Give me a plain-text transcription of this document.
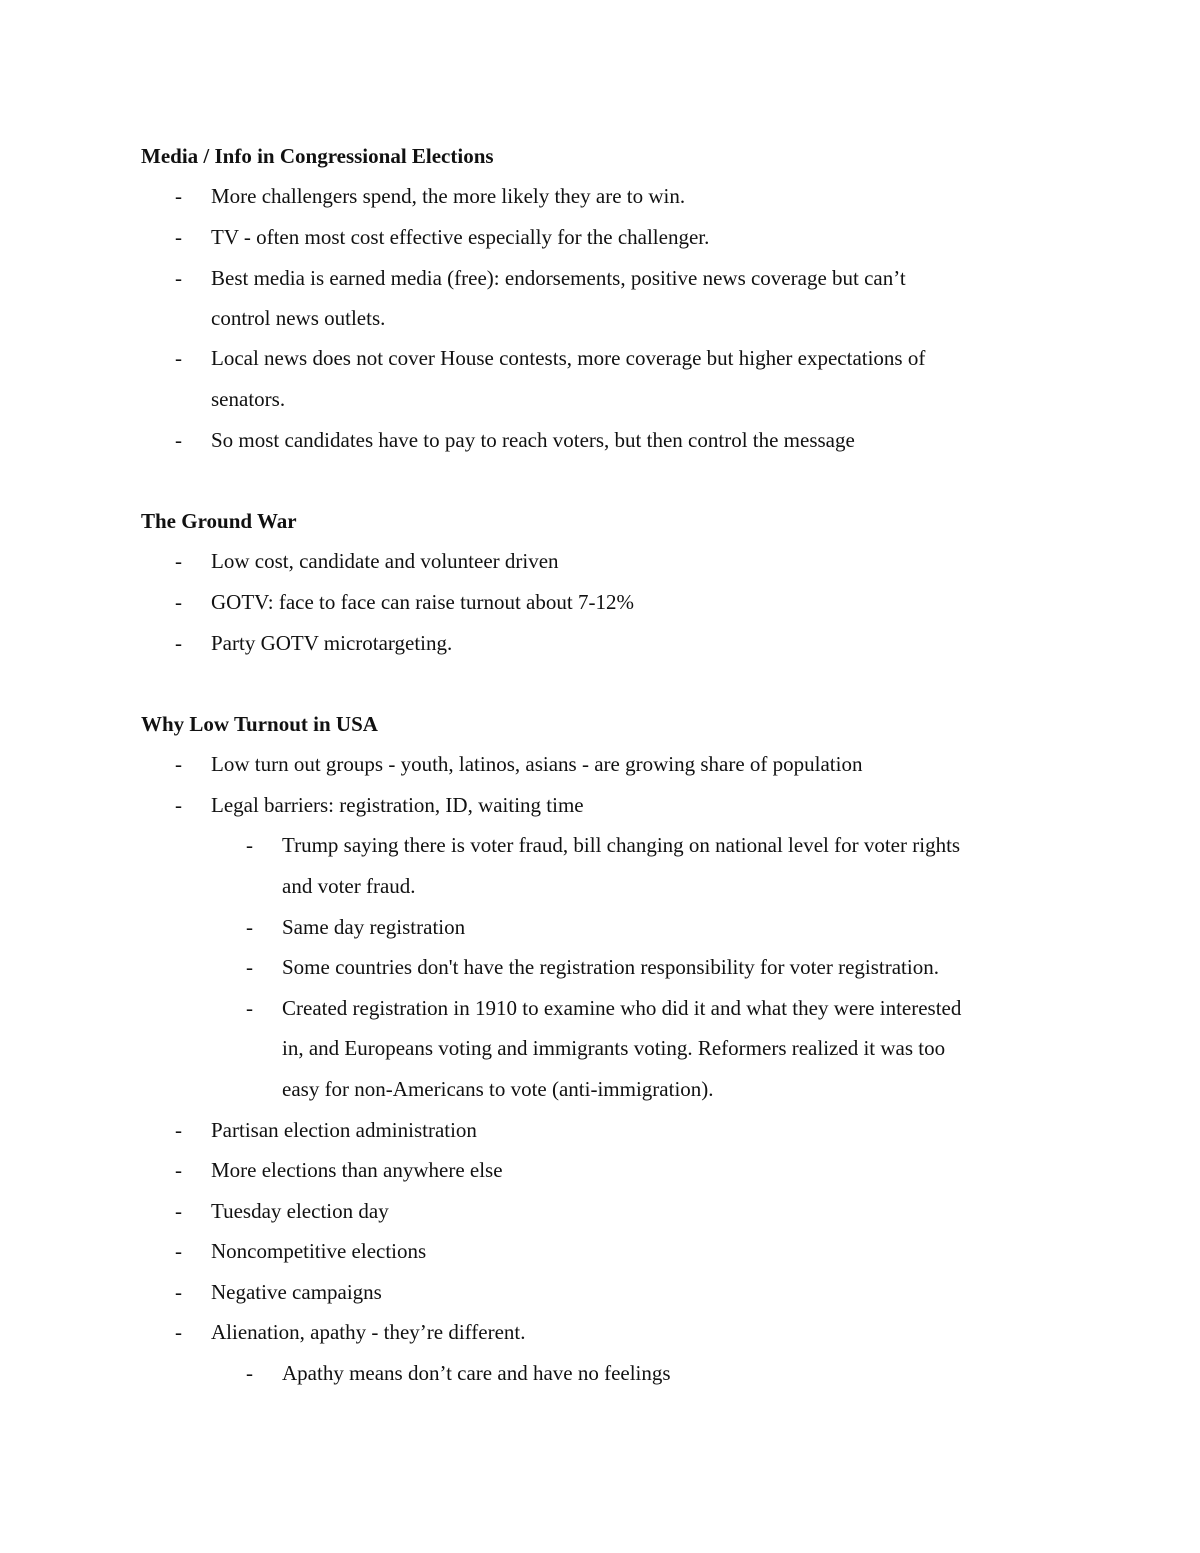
Media / Info in Congressional Elections
- More challengers spend, the more likely they are to win.
- TV - often most cost effective especially for the challenger.
- Best media is earned media (free): endorsements, positive news coverage but can’t
control news outlets.
- Local news does not cover House contests, more coverage but higher expectations of
senators.
- So most candidates have to pay to reach voters, but then control the message
The Ground War
- Low cost, candidate and volunteer driven
- GOTV: face to face can raise turnout about 7-12%
- Party GOTV microtargeting.
Why Low Turnout in USA
- Low turn out groups - youth, latinos, asians - are growing share of population
- Legal barriers: registration, ID, waiting time
- Trump saying there is voter fraud, bill changing on national level for voter rights
and voter fraud.
- Same day registration
- Some countries don't have the registration responsibility for voter registration.
- Created registration in 1910 to examine who did it and what they were interested
in, and Europeans voting and immigrants voting. Reformers realized it was too
easy for non-Americans to vote (anti-immigration).
- Partisan election administration
- More elections than anywhere else
- Tuesday election day
- Noncompetitive elections
- Negative campaigns
- Alienation, apathy - they’re different.
- Apathy means don’t care and have no feelings
